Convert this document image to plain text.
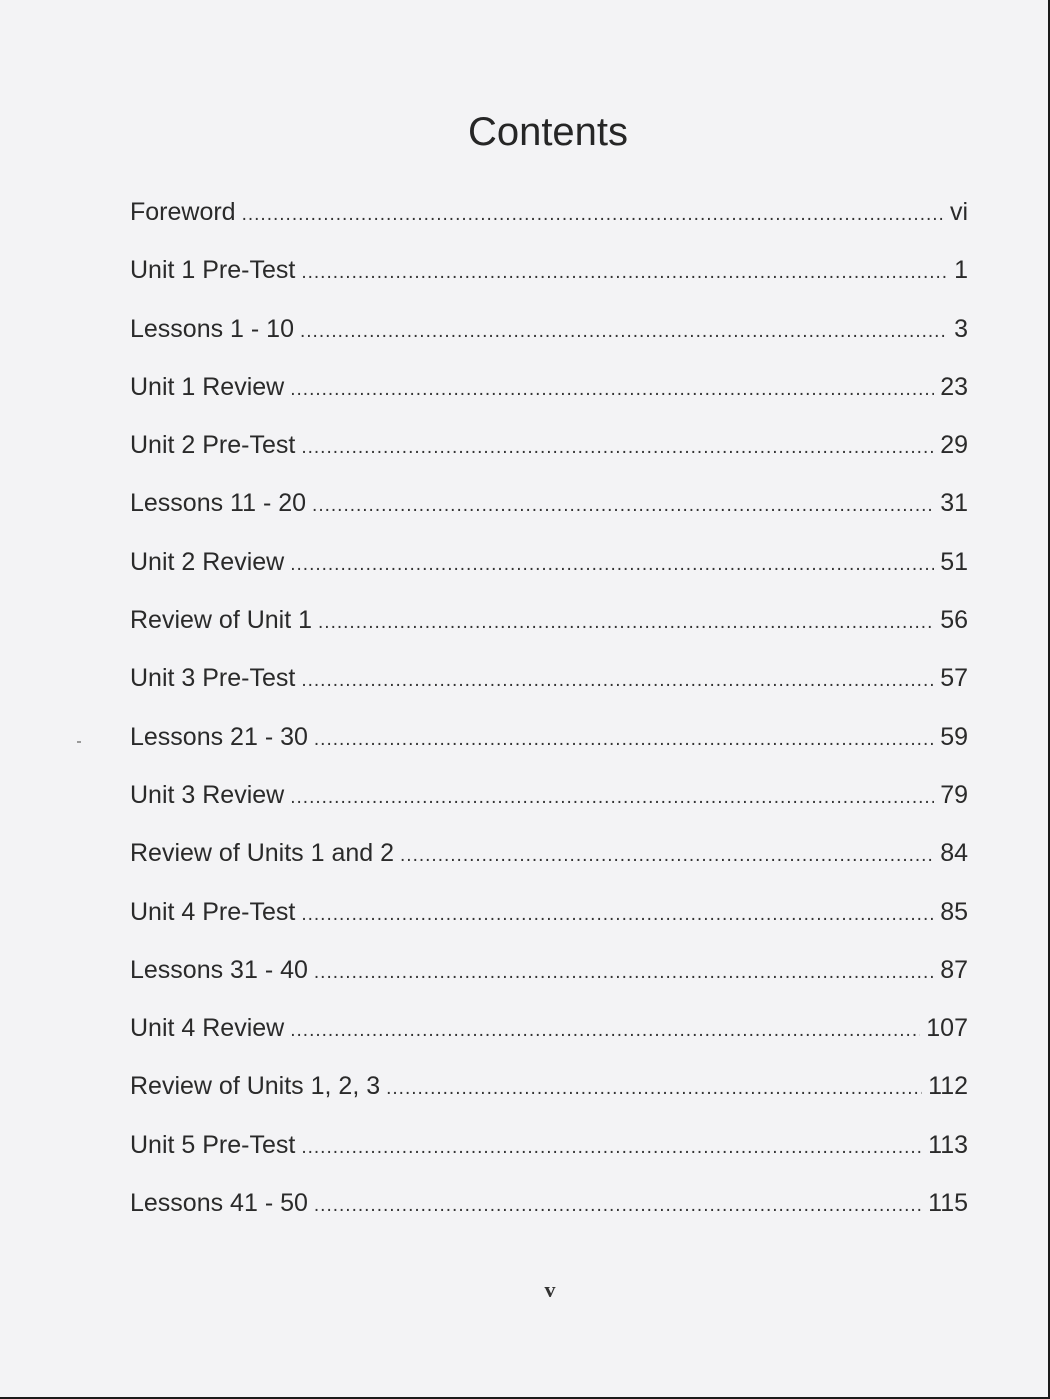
Contents
Foreword .....	vi
Unit 1 Pre-Test .....	1
Lessons 1 - 10 .....	3
Unit 1 Review .....	23
Unit 2 Pre-Test .....	29
Lessons 11 - 20 .....	31
Unit 2 Review .....	51
Review of Unit 1 .....	56
Unit 3 Pre-Test .....	57
Lessons 21 - 30 .....	59
Unit 3 Review .....	79
Review of Units 1 and 2 .....	84
Unit 4 Pre-Test .....	85
Lessons 31 - 40 .....	87
Unit 4 Review .....	107
Review of Units 1, 2, 3 .....	112
Unit 5 Pre-Test .....	113
Lessons 41 - 50 .....	115
v
